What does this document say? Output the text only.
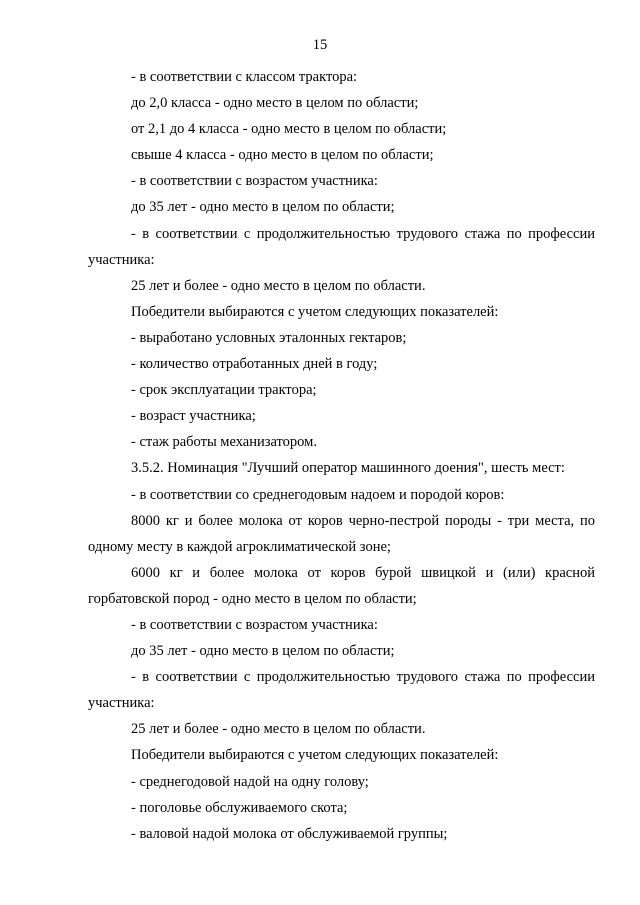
15
- в соответствии с классом трактора:
до 2,0 класса - одно место в целом по области;
от 2,1 до 4 класса - одно место в целом по области;
свыше 4 класса - одно место в целом по области;
- в соответствии с возрастом участника:
до 35 лет - одно место в целом по области;
- в соответствии с продолжительностью трудового стажа по профессии
участника:
25 лет и более - одно место в целом по области.
Победители выбираются с учетом следующих показателей:
- выработано условных эталонных гектаров;
- количество отработанных дней в году;
- срок эксплуатации трактора;
- возраст участника;
- стаж работы механизатором.
3.5.2. Номинация "Лучший оператор машинного доения", шесть мест:
- в соответствии со среднегодовым надоем и породой коров:
8000 кг и более молока от коров черно-пестрой породы - три места, по
одному месту в каждой агроклиматической зоне;
6000 кг и более молока от коров бурой швицкой и (или) красной
горбатовской пород - одно место в целом по области;
- в соответствии с возрастом участника:
до 35 лет - одно место в целом по области;
- в соответствии с продолжительностью трудового стажа по профессии
участника:
25 лет и более - одно место в целом по области.
Победители выбираются с учетом следующих показателей:
- среднегодовой надой на одну голову;
- поголовье обслуживаемого скота;
- валовой надой молока от обслуживаемой группы;
